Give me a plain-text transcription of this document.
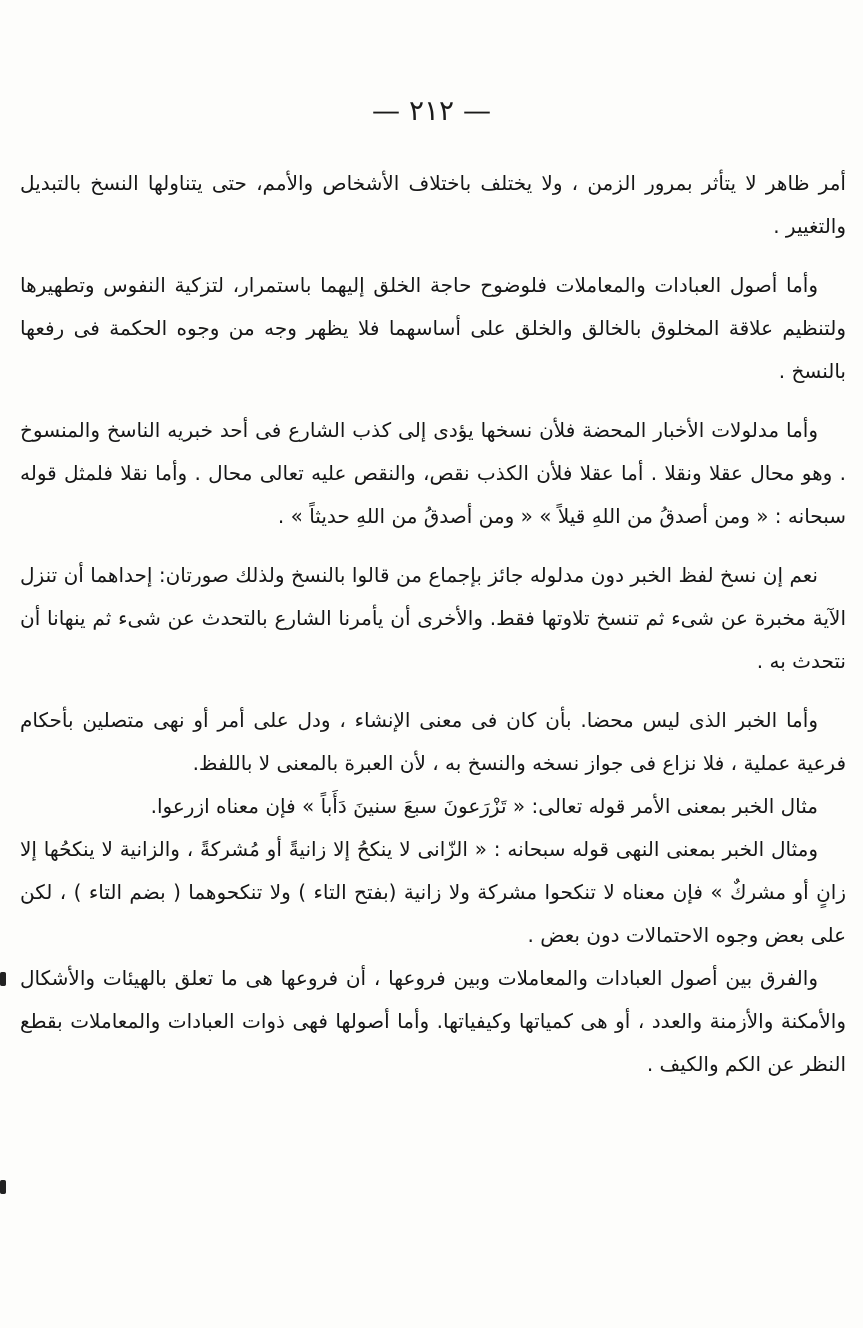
— ٢١٢ —

أمر ظاهر لا يتأثر بمرور الزمن ، ولا يختلف باختلاف الأشخاص والأمم، حتى يتناولها النسخ بالتبديل والتغيير .

وأما أصول العبادات والمعاملات فلوضوح حاجة الخلق إليهما باستمرار، لتزكية النفوس وتطهيرها ولتنظيم علاقة المخلوق بالخالق والخلق على أساسهما فلا يظهر وجه من وجوه الحكمة فى رفعها بالنسخ .

وأما مدلولات الأخبار المحضة فلأن نسخها يؤدى إلى كذب الشارع فى أحد خبريه الناسخ والمنسوخ . وهو محال عقلا ونقلا . أما عقلا فلأن الكذب نقص، والنقص عليه تعالى محال . وأما نقلا فلمثل قوله سبحانه : « ومن أصدقُ من اللهِ قيلاً » « ومن أصدقُ من اللهِ حديثاً » .

نعم إن نسخ لفظ الخبر دون مدلوله جائز بإجماع من قالوا بالنسخ ولذلك صورتان: إحداهما أن تنزل الآية مخبرة عن شىء ثم تنسخ تلاوتها فقط. والأخرى أن يأمرنا الشارع بالتحدث عن شىء ثم ينهانا أن نتحدث به .

وأما الخبر الذى ليس محضا. بأن كان فى معنى الإنشاء ، ودل على أمر أو نهى متصلين بأحكام فرعية عملية ، فلا نزاع فى جواز نسخه والنسخ به ، لأن العبرة بالمعنى لا باللفظ.

مثال الخبر بمعنى الأمر قوله تعالى: « تَزْرَعونَ سبعَ سنينَ دَأَباً » فإن معناه ازرعوا.

ومثال الخبر بمعنى النهى قوله سبحانه : « الزّانى لا ينكحُ إلا زانيةً أو مُشركةً ، والزانية لا ينكحُها إلا زانٍ أو مشركٌ » فإن معناه لا تنكحوا مشركة ولا زانية (بفتح التاء ) ولا تنكحوهما ( بضم التاء ) ، لكن على بعض وجوه الاحتمالات دون بعض .

والفرق بين أصول العبادات والمعاملات وبين فروعها ، أن فروعها هى ما تعلق بالهيئات والأشكال والأمكنة والأزمنة والعدد ، أو هى كمياتها وكيفياتها. وأما أصولها فهى ذوات العبادات والمعاملات بقطع النظر عن الكم والكيف .
